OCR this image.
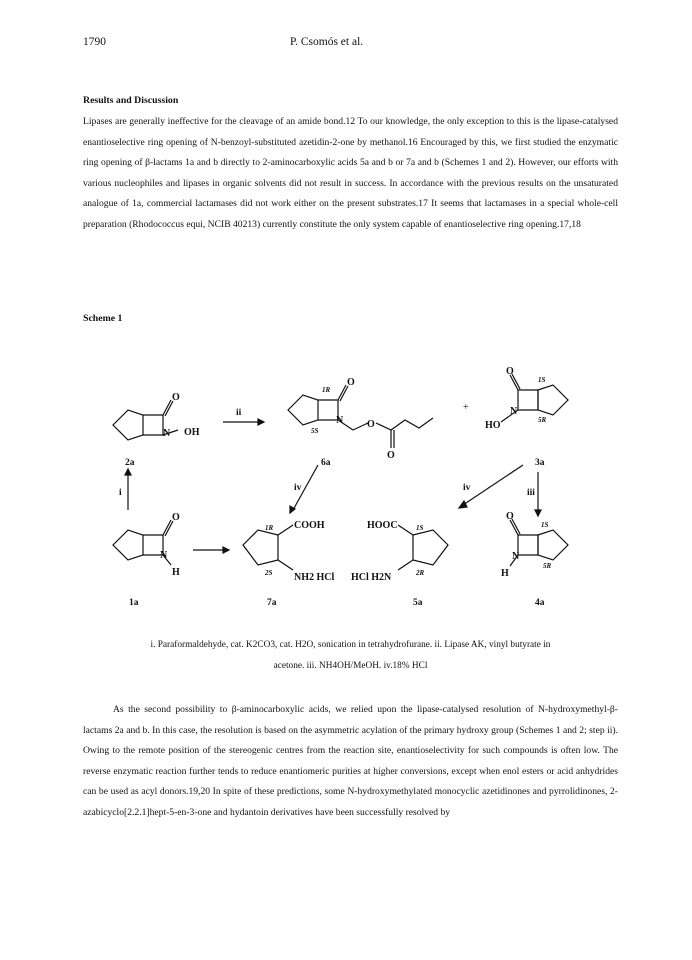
1790	P. Csomós et al.
Results and Discussion

Lipases are generally ineffective for the cleavage of an amide bond.12 To our knowledge, the only exception to this is the lipase-catalysed enantioselective ring opening of N-benzoyl-substituted azetidin-2-one by methanol.16 Encouraged by this, we first studied the enzymatic ring opening of β-lactams 1a and b directly to 2-aminocarboxylic acids 5a and b or 7a and b (Schemes 1 and 2). However, our efforts with various nucleophiles and lipases in organic solvents did not result in success. In accordance with the previous results on the unsaturated analogue of 1a, commercial lactamases did not work either on the present substrates.17 It seems that lactamases in a special whole-cell preparation (Rhodococcus equi, NCIB 40213) currently constitute the only system capable of enantioselective ring opening.17,18

Scheme 1
O
N OH
2a
ii
O
N O
O
1R
5S
6a
+
O
N
HO
1S
5R
3a
i	iv	iv	iii
O
N
H
1a
COOH
NH2 HCl
1R
2S
7a
HOOC
HCl H2N
1S
2R
5a
O
N
H
1S
5R
4a
i. Paraformaldehyde, cat. K2CO3, cat. H2O, sonication in tetrahydrofurane. ii. Lipase AK, vinyl butyrate in
acetone. iii. NH4OH/MeOH. iv.18% HCl

As the second possibility to β-aminocarboxylic acids, we relied upon the lipase-catalysed resolution of N-hydroxymethyl-β-lactams 2a and b. In this case, the resolution is based on the asymmetric acylation of the primary hydroxy group (Schemes 1 and 2; step ii). Owing to the remote position of the stereogenic centres from the reaction site, enantioselectivity for such compounds is often low. The reverse enzymatic reaction further tends to reduce enantiomeric purities at higher conversions, except when enol esters or acid anhydrides can be used as acyl donors.19,20 In spite of these predictions, some N-hydroxymethylated monocyclic azetidinones and pyrrolidinones, 2-azabicyclo[2.2.1]hept-5-en-3-one and hydantoin derivatives have been successfully resolved by
